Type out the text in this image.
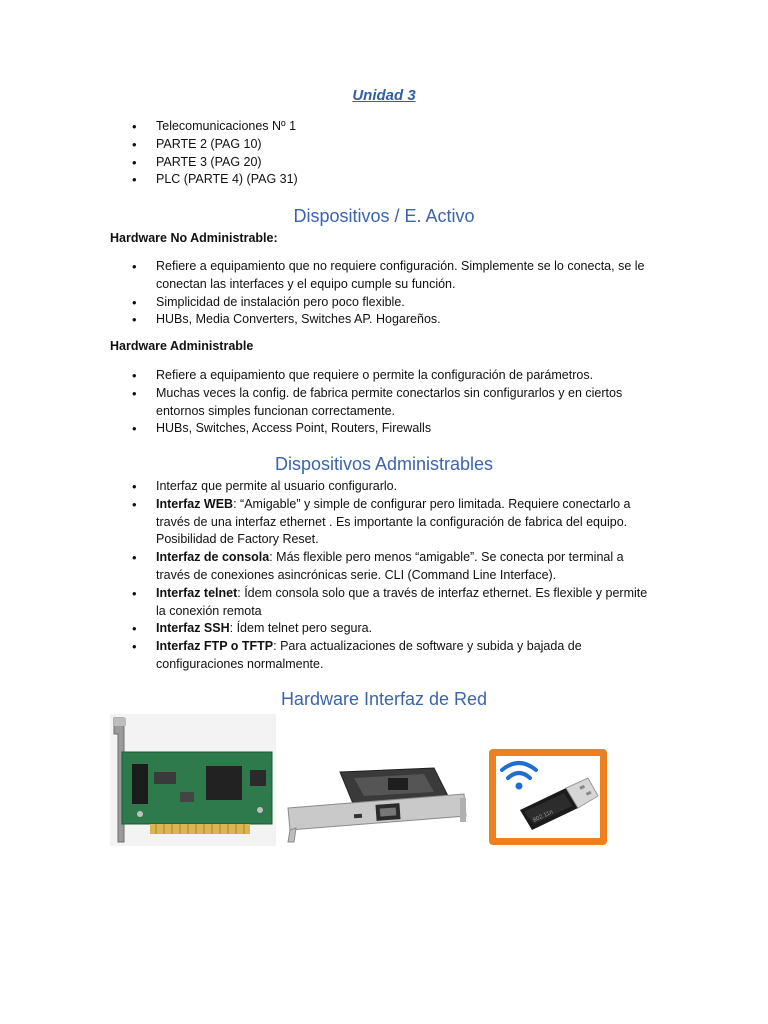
Unidad 3
• Telecomunicaciones Nº 1
• PARTE 2 (PAG 10)
• PARTE 3 (PAG 20)
• PLC (PARTE 4) (PAG 31)
Dispositivos / E. Activo
Hardware No Administrable:
• Refiere a equipamiento que no requiere configuración. Simplemente se lo conecta, se le conectan las interfaces y el equipo cumple su función.
• Simplicidad de instalación pero poco flexible.
• HUBs, Media Converters, Switches AP. Hogareños.
Hardware Administrable
• Refiere a equipamiento que requiere o permite la configuración de parámetros.
• Muchas veces la config. de fabrica permite conectarlos sin configurarlos y en ciertos entornos simples funcionan correctamente.
• HUBs, Switches, Access Point, Routers, Firewalls
Dispositivos Administrables
• Interfaz que permite al usuario configurarlo.
• Interfaz WEB: “Amigable” y simple de configurar pero limitada. Requiere conectarlo a través de una interfaz ethernet . Es importante la configuración de fabrica del equipo. Posibilidad de Factory Reset.
• Interfaz de consola: Más flexible pero menos “amigable”. Se conecta por terminal a través de conexiones asincrónicas serie. CLI (Command Line Interface).
• Interfaz telnet: Ídem consola solo que a través de interfaz ethernet. Es flexible y permite la conexión remota
• Interfaz SSH: Ídem telnet pero segura.
• Interfaz FTP o TFTP: Para actualizaciones de software y subida y bajada de configuraciones normalmente.
Hardware Interfaz de Red
802.11n
